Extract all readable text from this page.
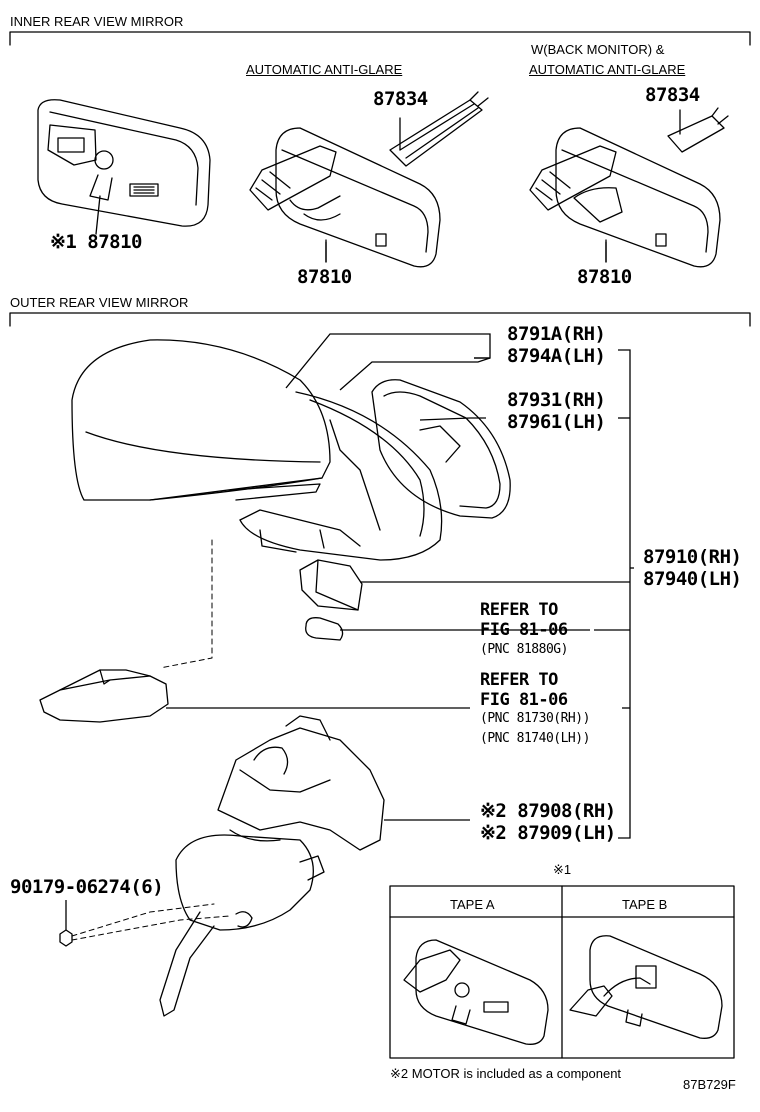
INNER REAR VIEW MIRROR
OUTER REAR VIEW MIRROR
AUTOMATIC ANTI-GLARE
W(BACK MONITOR) &
AUTOMATIC ANTI-GLARE
※1 87810
87810	87810
87834	87834
8791A(RH)
8794A(LH)
87931(RH)
87961(LH)
87910(RH)
87940(LH)
REFER TO
FIG 81-06
(PNC 81880G)
REFER TO
FIG 81-06
(PNC 81730(RH))
(PNC 81740(LH))
※2 87908(RH)
※2 87909(LH)
90179-06274(6)
※1
TAPE A	TAPE B
※2 MOTOR is included as a component
87B729F
